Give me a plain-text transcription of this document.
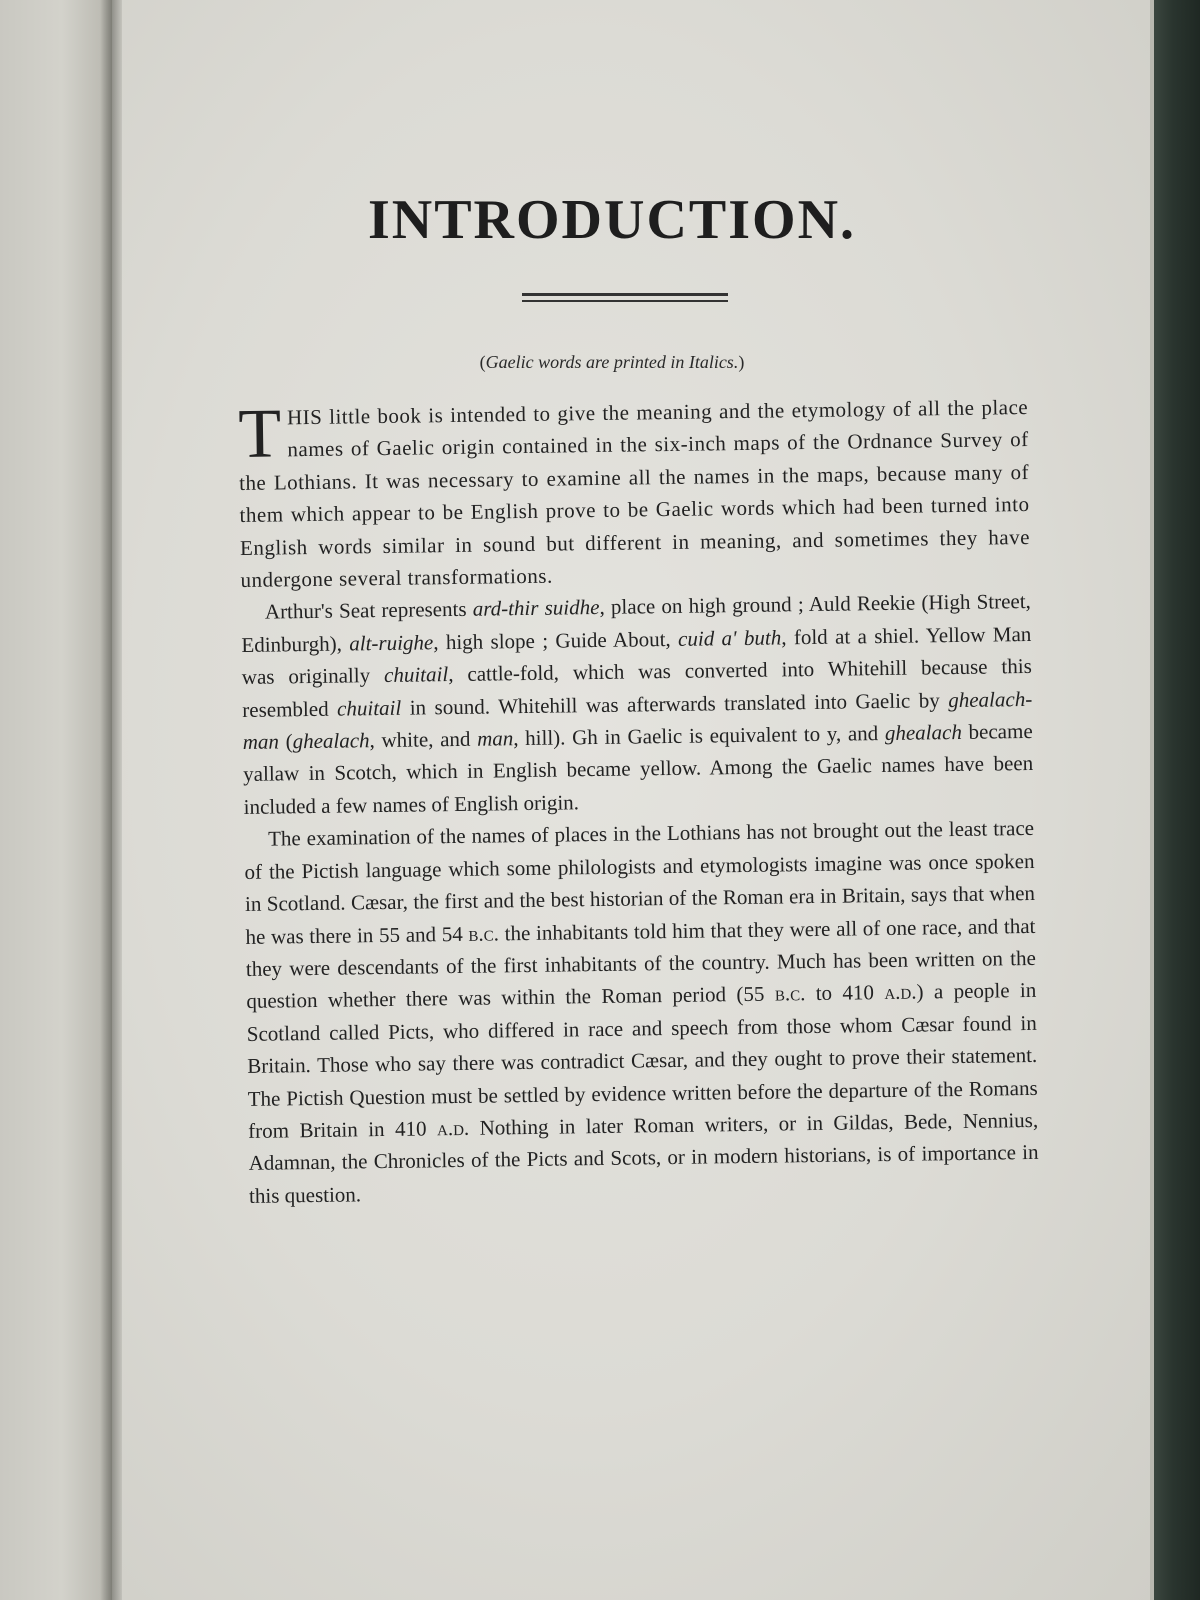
INTRODUCTION.
(Gaelic words are printed in Italics.)

THIS little book is intended to give the meaning and the etymology of all the place names of Gaelic origin contained in the six-inch maps of the Ordnance Survey of the Lothians. It was necessary to examine all the names in the maps, because many of them which appear to be English prove to be Gaelic words which had been turned into English words similar in sound but different in meaning, and sometimes they have undergone several transformations.

Arthur's Seat represents ard-thir suidhe, place on high ground ; Auld Reekie (High Street, Edinburgh), alt-ruighe, high slope ; Guide About, cuid a' buth, fold at a shiel. Yellow Man was originally chuitail, cattle-fold, which was converted into Whitehill because this resembled chuitail in sound. Whitehill was afterwards translated into Gaelic by ghealach-man (ghealach, white, and man, hill). Gh in Gaelic is equivalent to y, and ghealach became yallaw in Scotch, which in English became yellow. Among the Gaelic names have been included a few names of English origin.

The examination of the names of places in the Lothians has not brought out the least trace of the Pictish language which some philologists and etymologists imagine was once spoken in Scotland. Cæsar, the first and the best historian of the Roman era in Britain, says that when he was there in 55 and 54 b.c. the inhabitants told him that they were all of one race, and that they were descendants of the first inhabitants of the country. Much has been written on the question whether there was within the Roman period (55 b.c. to 410 a.d.) a people in Scotland called Picts, who differed in race and speech from those whom Cæsar found in Britain. Those who say there was contradict Cæsar, and they ought to prove their statement. The Pictish Question must be settled by evidence written before the departure of the Romans from Britain in 410 a.d. Nothing in later Roman writers, or in Gildas, Bede, Nennius, Adamnan, the Chronicles of the Picts and Scots, or in modern historians, is of importance in this question.
